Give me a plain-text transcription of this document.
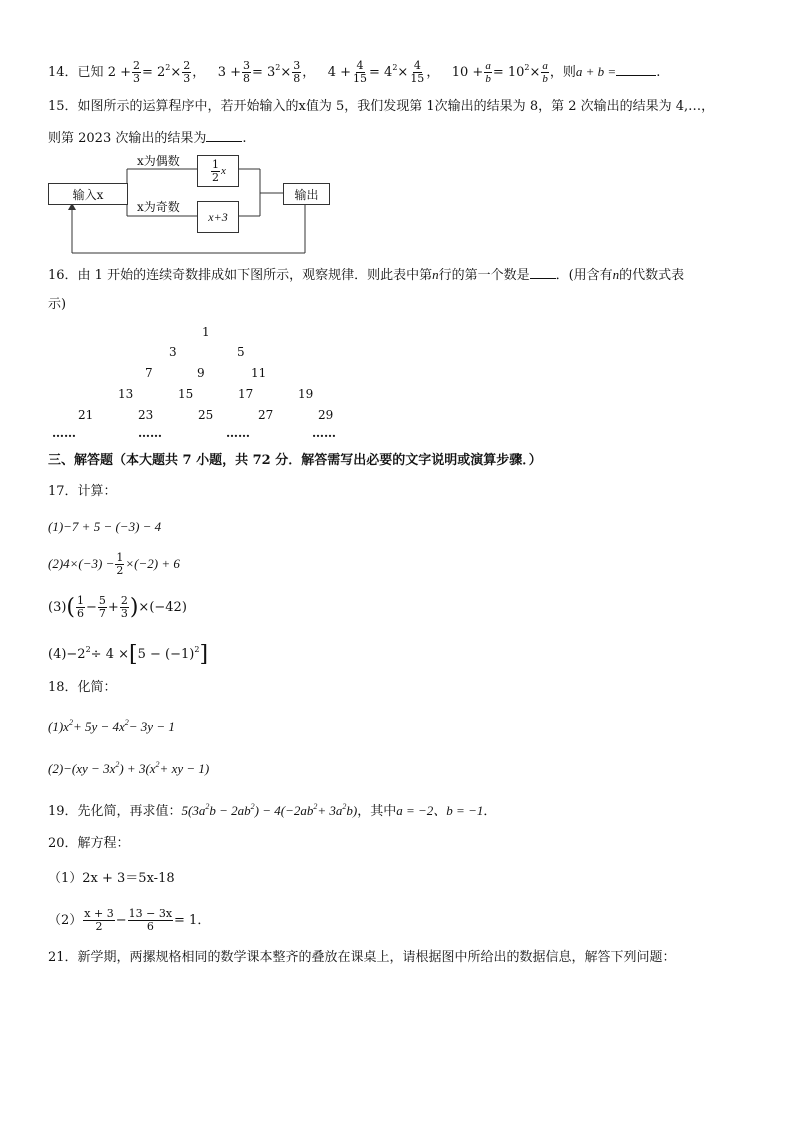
14．已知 $2 + \frac{2}{3} = 2^2\times \frac{2}{3}$ ， $3 + \frac{3}{8} = 3^2\times \frac{3}{8}$ ， $4 + \frac{4}{15} = 4^2\times \frac{4}{15}$ ， $10 + \frac{a}{b} = 10^2\times \frac{a}{b}$ ，则a + b =	.
15．如图所示的运算程序中，若开始输入的x值为 5，我们发现第 1次输出的结果为 8，第 2 次输出的结果为 4,…，
则第 2023 次输出的结果为	.
输入x
x为偶数
x为奇数
$\frac{1}{2}$ x
x+3
输出
16．由 1 开始的连续奇数排成如下图所示，观察规律．则此表中第n行的第一个数是 ．(用含有n的代数式表
示)
1
3	5
7	9	11
13	15	17	19
21	23	25	27	29
……	……	……	……
三、解答题（本大题共 7 小题，共 72 分．解答需写出必要的文字说明或演算步骤．）
17．计算：
(1)−7 + 5 − (−3) − 4
$(2)4\times(-3) - \frac{1}{2} \times(-2) + 6$
$(3)( \frac{1}{6} - \frac{5}{7} + \frac{2}{3} )\times(-42)$
$(4)-2^2\div 4 \times[5 - (-1)^2]$
18．化简：
$(1)x^2+ 5y - 4x^2- 3y - 1$
$(2)-(xy - 3x^2) + 3(x^2+$ xy − 1)
19．先化简，再求值：$5(3a^2b - 2ab^2) - 4(-2ab^2+ 3a^2b)$，其中a = −2、b = −1．
20．解方程：
（1）2x + 3＝5x-18
$(2) \frac{x + 3}{2} - \frac{13 - 3x}{6} = 1$．
21．新学期，两摞规格相同的数学课本整齐的叠放在课桌上，请根据图中所给出的数据信息，解答下列问题：
